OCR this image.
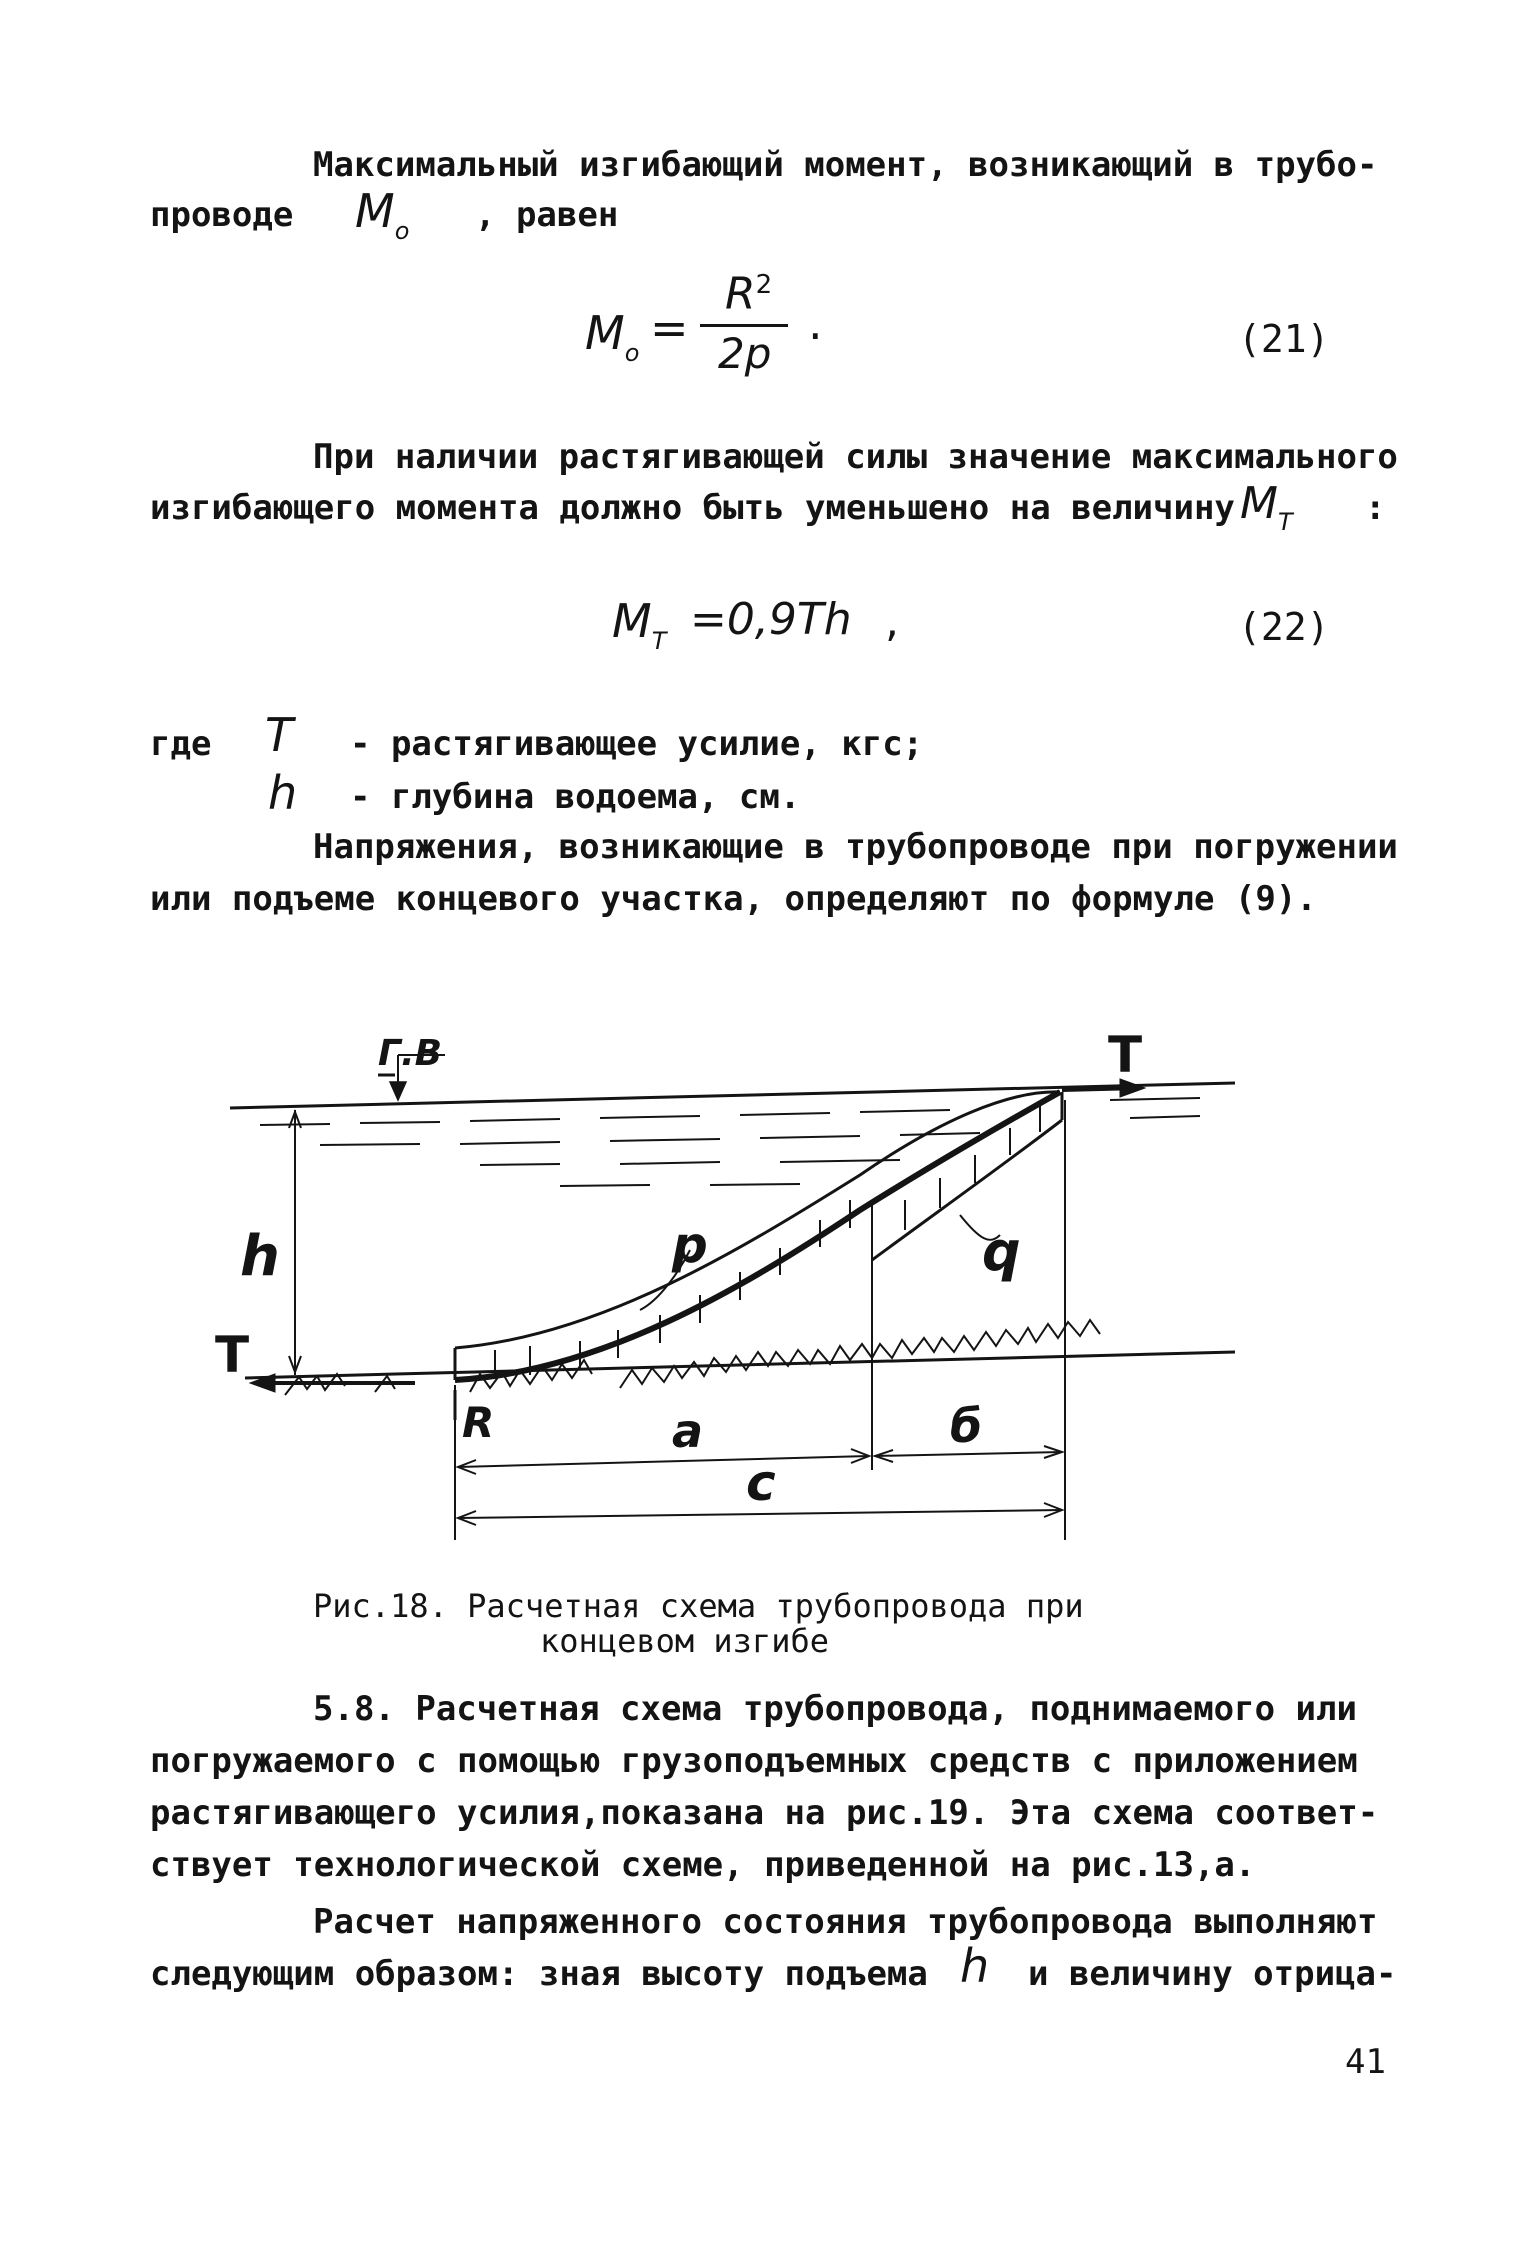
Максимальный изгибающий момент, возникающий в трубо-
проводе $M_o$ , равен
$M_o$ =
$R^2$
2p
.	(21)
При наличии растягивающей силы значение максимального
изгибающего момента должно быть уменьшено на величину $M_T$ :
$M_T =0,9Th$ ,	(22)
где T - растягивающее усилие, кгс;
h - глубина водоема, см.
Напряжения, возникающие в трубопроводе при погружении
или подъеме концевого участка, определяют по формуле (9).
Г.В	T
T
h	p	q
R	a	б
c
Рис.18. Расчетная схема трубопровода при
концевом изгибе
5.8. Расчетная схема трубопровода, поднимаемого или
погружаемого с помощью грузоподъемных средств с приложением
растягивающего усилия,показана на рис.19. Эта схема соответ-
ствует технологической схеме, приведенной на рис.13,а.
Расчет напряженного состояния трубопровода выполняют
следующим образом: зная высоту подъема h и величину отрица-
41
